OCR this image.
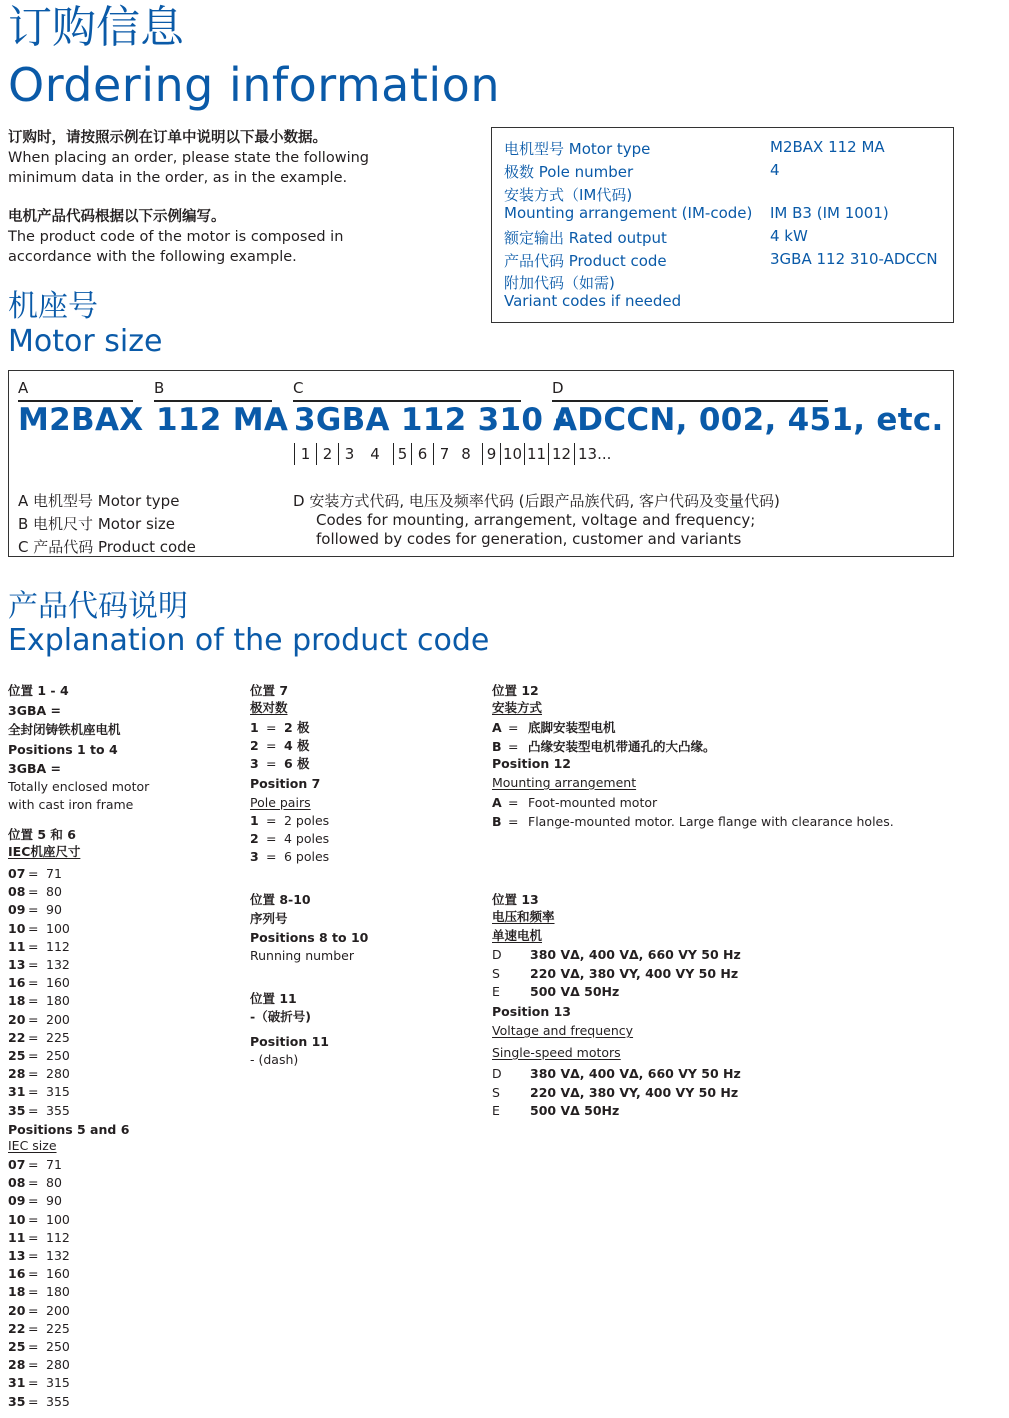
订购信息
Ordering information
订购时，请按照示例在订单中说明以下最小数据。
When placing an order, please state the following
minimum data in the order, as in the example.
电机产品代码根据以下示例编写。
The product code of the motor is composed in
accordance with the following example.
电机型号 Motor type	M2BAX 112 MA
极数 Pole number	4
安装方式（IM代码)
Mounting arrangement (IM-code) IM B3 (IM 1001)
额定输出 Rated output	4 kW
产品代码 Product code	3GBA 112 310-ADCCN
附加代码（如需)
Variant codes if needed
机座号
Motor size
A	B	C	D
M2BAX 112 MA 3GBA 112 310 -
ADCCN, 002, 451, etc.
1 2 3	4	5 6 7 8	9 10 11 12 13...
A 电机型号 Motor type
B 电机尺寸 Motor size
C 产品代码 Product code
D 安装方式代码, 电压及频率代码 (后跟产品族代码, 客户代码及变量代码)
Codes for mounting, arrangement, voltage and frequency;
followed by codes for generation, customer and variants
产品代码说明
Explanation of the product code
位置 1 - 4
3GBA =
全封闭铸铁机座电机
Positions 1 to 4
3GBA =
Totally enclosed motor
with cast iron frame
位置 5 和 6
IEC机座尺寸
07 = 71
08 = 80
09 = 90
10 = 100
11 = 112
13 = 132
16 = 160
18 = 180
20 = 200
22 = 225
25 = 250
28 = 280
31 = 315
35 = 355
Positions 5 and 6
IEC size
07 = 71
08 = 80
09 = 90
10 = 100
11 = 112
13 = 132
16 = 160
18 = 180
20 = 200
22 = 225
25 = 250
28 = 280
31 = 315
35 = 355
位置 7
极对数
1 = 2 极
2 = 4 极
3 = 6 极
Position 7
Pole pairs
1 = 2 poles
2 = 4 poles
3 = 6 poles
位置 8-10
序列号
Positions 8 to 10
Running number
位置 11
-（破折号)
Position 11
- (dash)
位置 12
安装方式
A = 底脚安装型电机
B = 凸缘安装型电机带通孔的大凸缘。
Position 12
Mounting arrangement
A = Foot-mounted motor
B = Flange-mounted motor. Large flange with clearance holes.
位置 13
电压和频率
单速电机
D 380 VΔ, 400 VΔ, 660 VY 50 Hz
S 220 VΔ, 380 VY, 400 VY 50 Hz
E 500 VΔ 50Hz
Position 13
Voltage and frequency
Single-speed motors
D 380 VΔ, 400 VΔ, 660 VY 50 Hz
S 220 VΔ, 380 VY, 400 VY 50 Hz
E 500 VΔ 50Hz
